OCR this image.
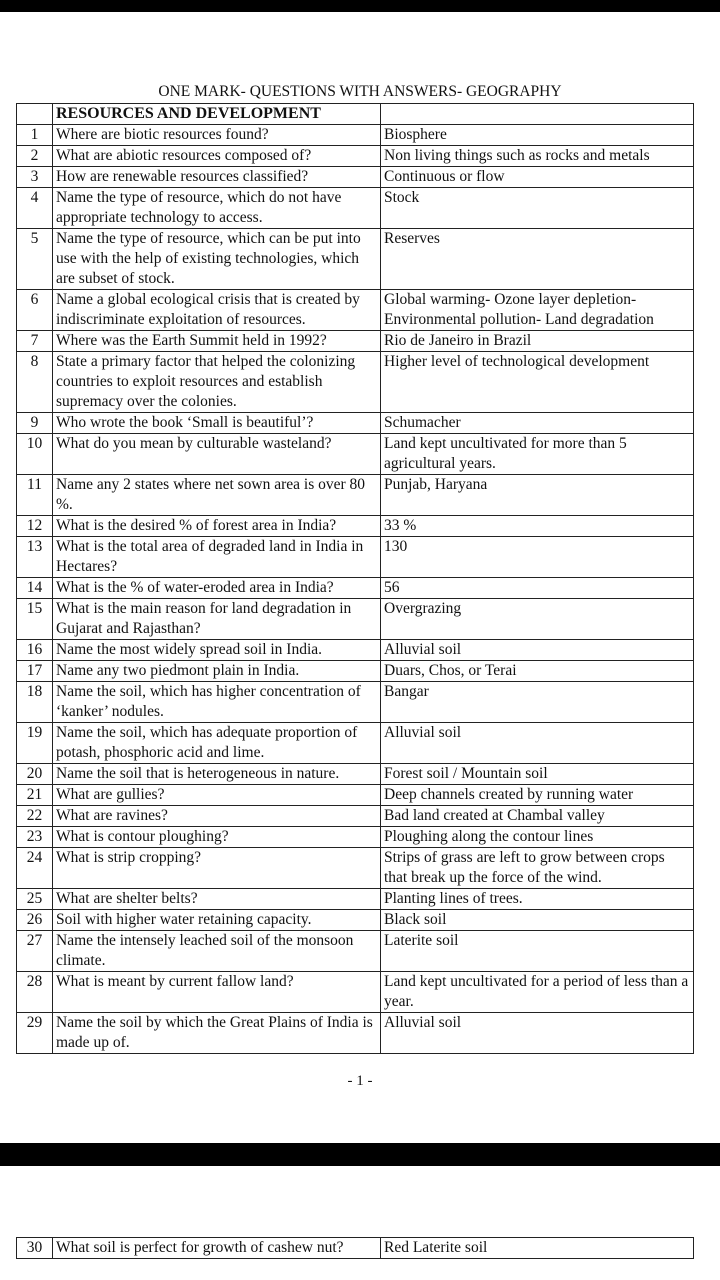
ONE MARK- QUESTIONS WITH ANSWERS- GEOGRAPHY
	RESOURCES AND DEVELOPMENT	
1	Where are biotic resources found?	Biosphere
2	What are abiotic resources composed of?	Non living things such as rocks and metals
3	How are renewable resources classified?	Continuous or flow
4	Name the type of resource, which do not have appropriate technology to access.	Stock
5	Name the type of resource, which can be put into use with the help of existing technologies, which are subset of stock.	Reserves
6	Name a global ecological crisis that is created by indiscriminate exploitation of resources.	Global warming- Ozone layer depletion- Environmental pollution- Land degradation
7	Where was the Earth Summit held in 1992?	Rio de Janeiro in Brazil
8	State a primary factor that helped the colonizing countries to exploit resources and establish supremacy over the colonies.	Higher level of technological development
9	Who wrote the book ‘Small is beautiful’?	Schumacher
10	What do you mean by culturable wasteland?	Land kept uncultivated for more than 5 agricultural years.
11	Name any 2 states where net sown area is over 80 %.	Punjab, Haryana
12	What is the desired % of forest area in India?	33 %
13	What is the total area of degraded land in India in Hectares?	130
14	What is the % of water-eroded area in India?	56
15	What is the main reason for land degradation in Gujarat and Rajasthan?	Overgrazing
16	Name the most widely spread soil in India.	Alluvial soil
17	Name any two piedmont plain in India.	Duars, Chos, or Terai
18	Name the soil, which has higher concentration of ‘kanker’ nodules.	Bangar
19	Name the soil, which has adequate proportion of potash, phosphoric acid and lime.	Alluvial soil
20	Name the soil that is heterogeneous in nature.	Forest soil / Mountain soil
21	What are gullies?	Deep channels created by running water
22	What are ravines?	Bad land created at Chambal valley
23	What is contour ploughing?	Ploughing along the contour lines
24	What is strip cropping?	Strips of grass are left to grow between crops that break up the force of the wind.
25	What are shelter belts?	Planting lines of trees.
26	Soil with higher water retaining capacity.	Black soil
27	Name the intensely leached soil of the monsoon climate.	Laterite soil
28	What is meant by current fallow land?	Land kept uncultivated for a period of less than a year.
29	Name the soil by which the Great Plains of India is made up of.	Alluvial soil
- 1 -
30	What soil is perfect for growth of cashew nut?	Red Laterite soil
